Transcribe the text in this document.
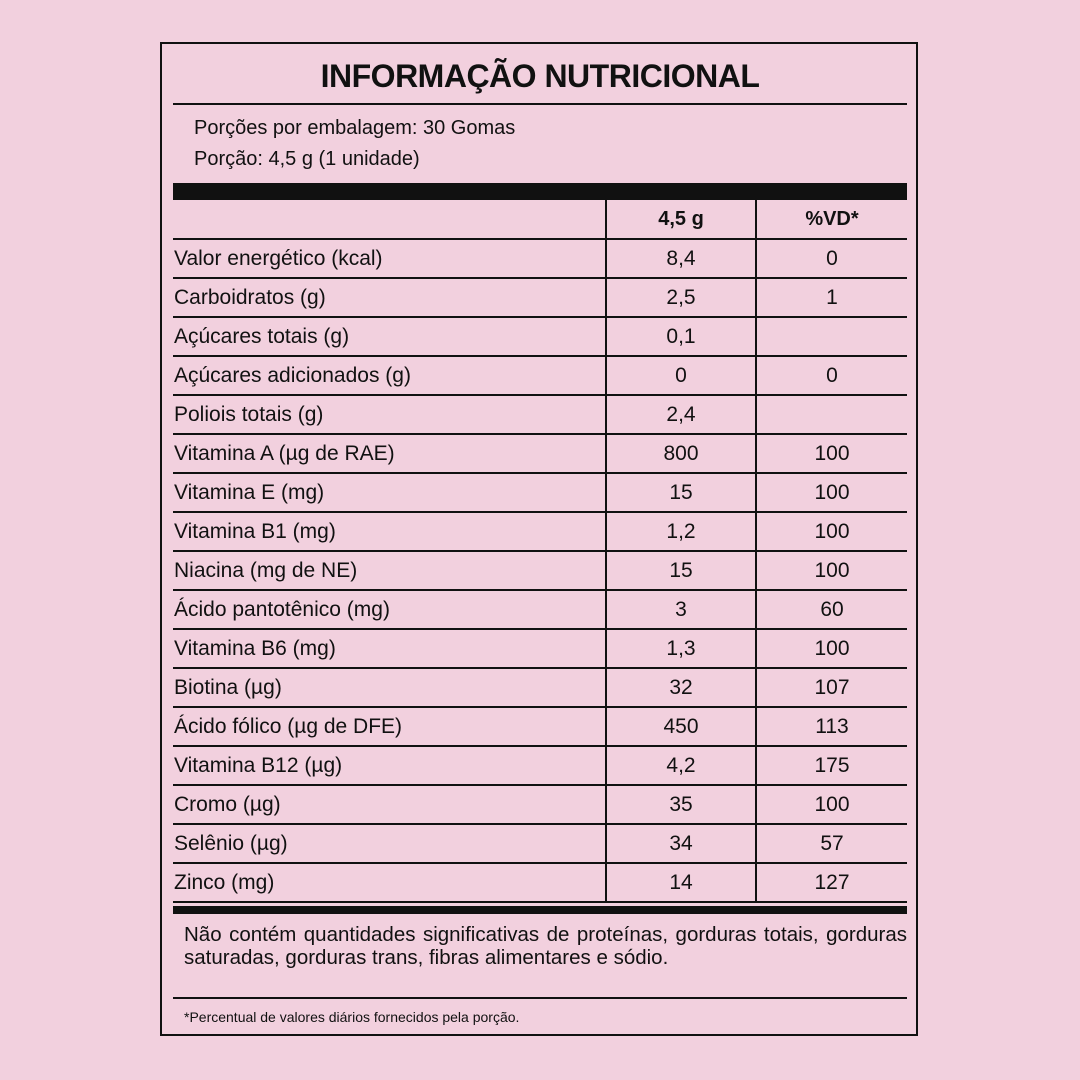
INFORMAÇÃO NUTRICIONAL
Porções por embalagem: 30 Gomas
Porção: 4,5 g (1 unidade)
4,5 g	%VD*
Valor energético (kcal)	8,4	0
Carboidratos (g)	2,5	1
Açúcares totais (g)	0,1
Açúcares adicionados (g)	0	0
Poliois totais (g)	2,4
Vitamina A (µg de RAE)	800	100
Vitamina E (mg)	15	100
Vitamina B1 (mg)	1,2	100
Niacina (mg de NE)	15	100
Ácido pantotênico (mg)	3	60
Vitamina B6 (mg)	1,3	100
Biotina (µg)	32	107
Ácido fólico (µg de DFE)	450	113
Vitamina B12 (µg)	4,2	175
Cromo (µg)	35	100
Selênio (µg)	34	57
Zinco (mg)	14	127
Não contém quantidades significativas de proteínas, gorduras totais, gorduras saturadas, gorduras trans, fibras alimentares e sódio.
*Percentual de valores diários fornecidos pela porção.
